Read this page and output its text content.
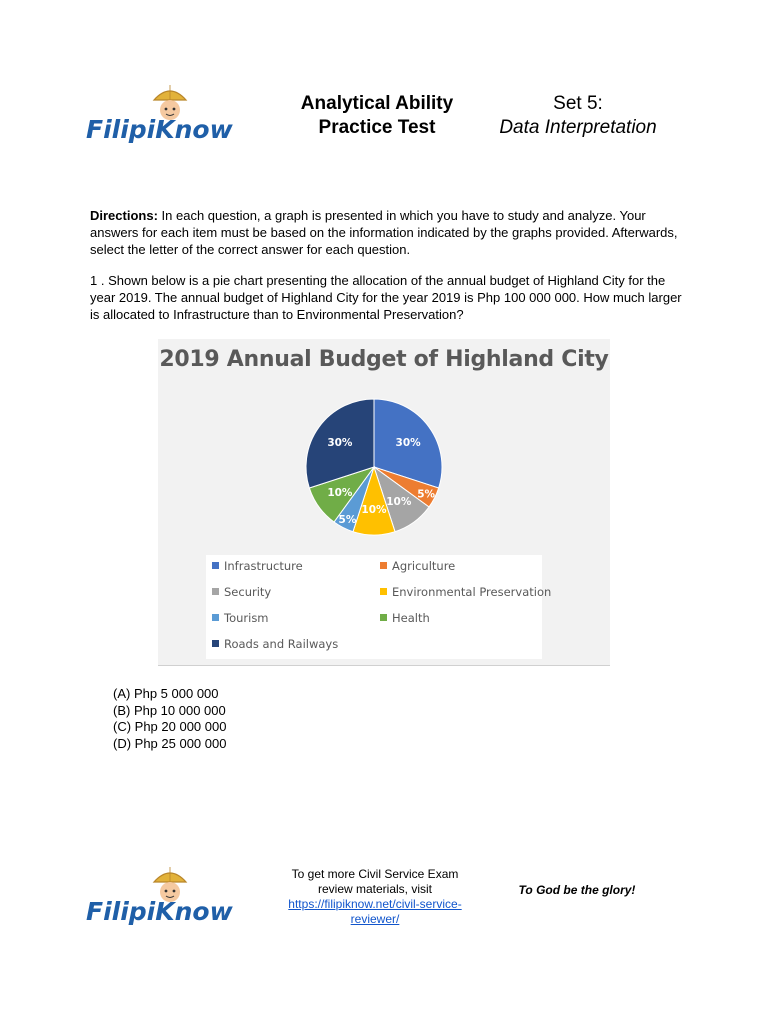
FilipiKnow
Analytical Ability
Practice Test
Set 5:
Data Interpretation
Directions: In each question, a graph is presented in which you have to study and analyze. Your answers for each item must be based on the information indicated by the graphs provided. Afterwards, select the letter of the correct answer for each question.
1 . Shown below is a pie chart presenting the allocation of the annual budget of Highland City for the year 2019. The annual budget of Highland City for the year 2019 is Php 100 000 000. How much larger is allocated to Infrastructure than to Environmental Preservation?
2019 Annual Budget of Highland City
30%
5%
10%
10%
5%
10%
30%
Infrastructure	Agriculture
Security	Environmental Preservation
Tourism	Health
Roads and Railways
(A) Php 5 000 000
(B) Php 10 000 000
(C) Php 20 000 000
(D) Php 25 000 000
FilipiKnow
To get more Civil Service Exam review materials, visit
https://filipiknow.net/civil-service-
reviewer/
To God be the glory!
